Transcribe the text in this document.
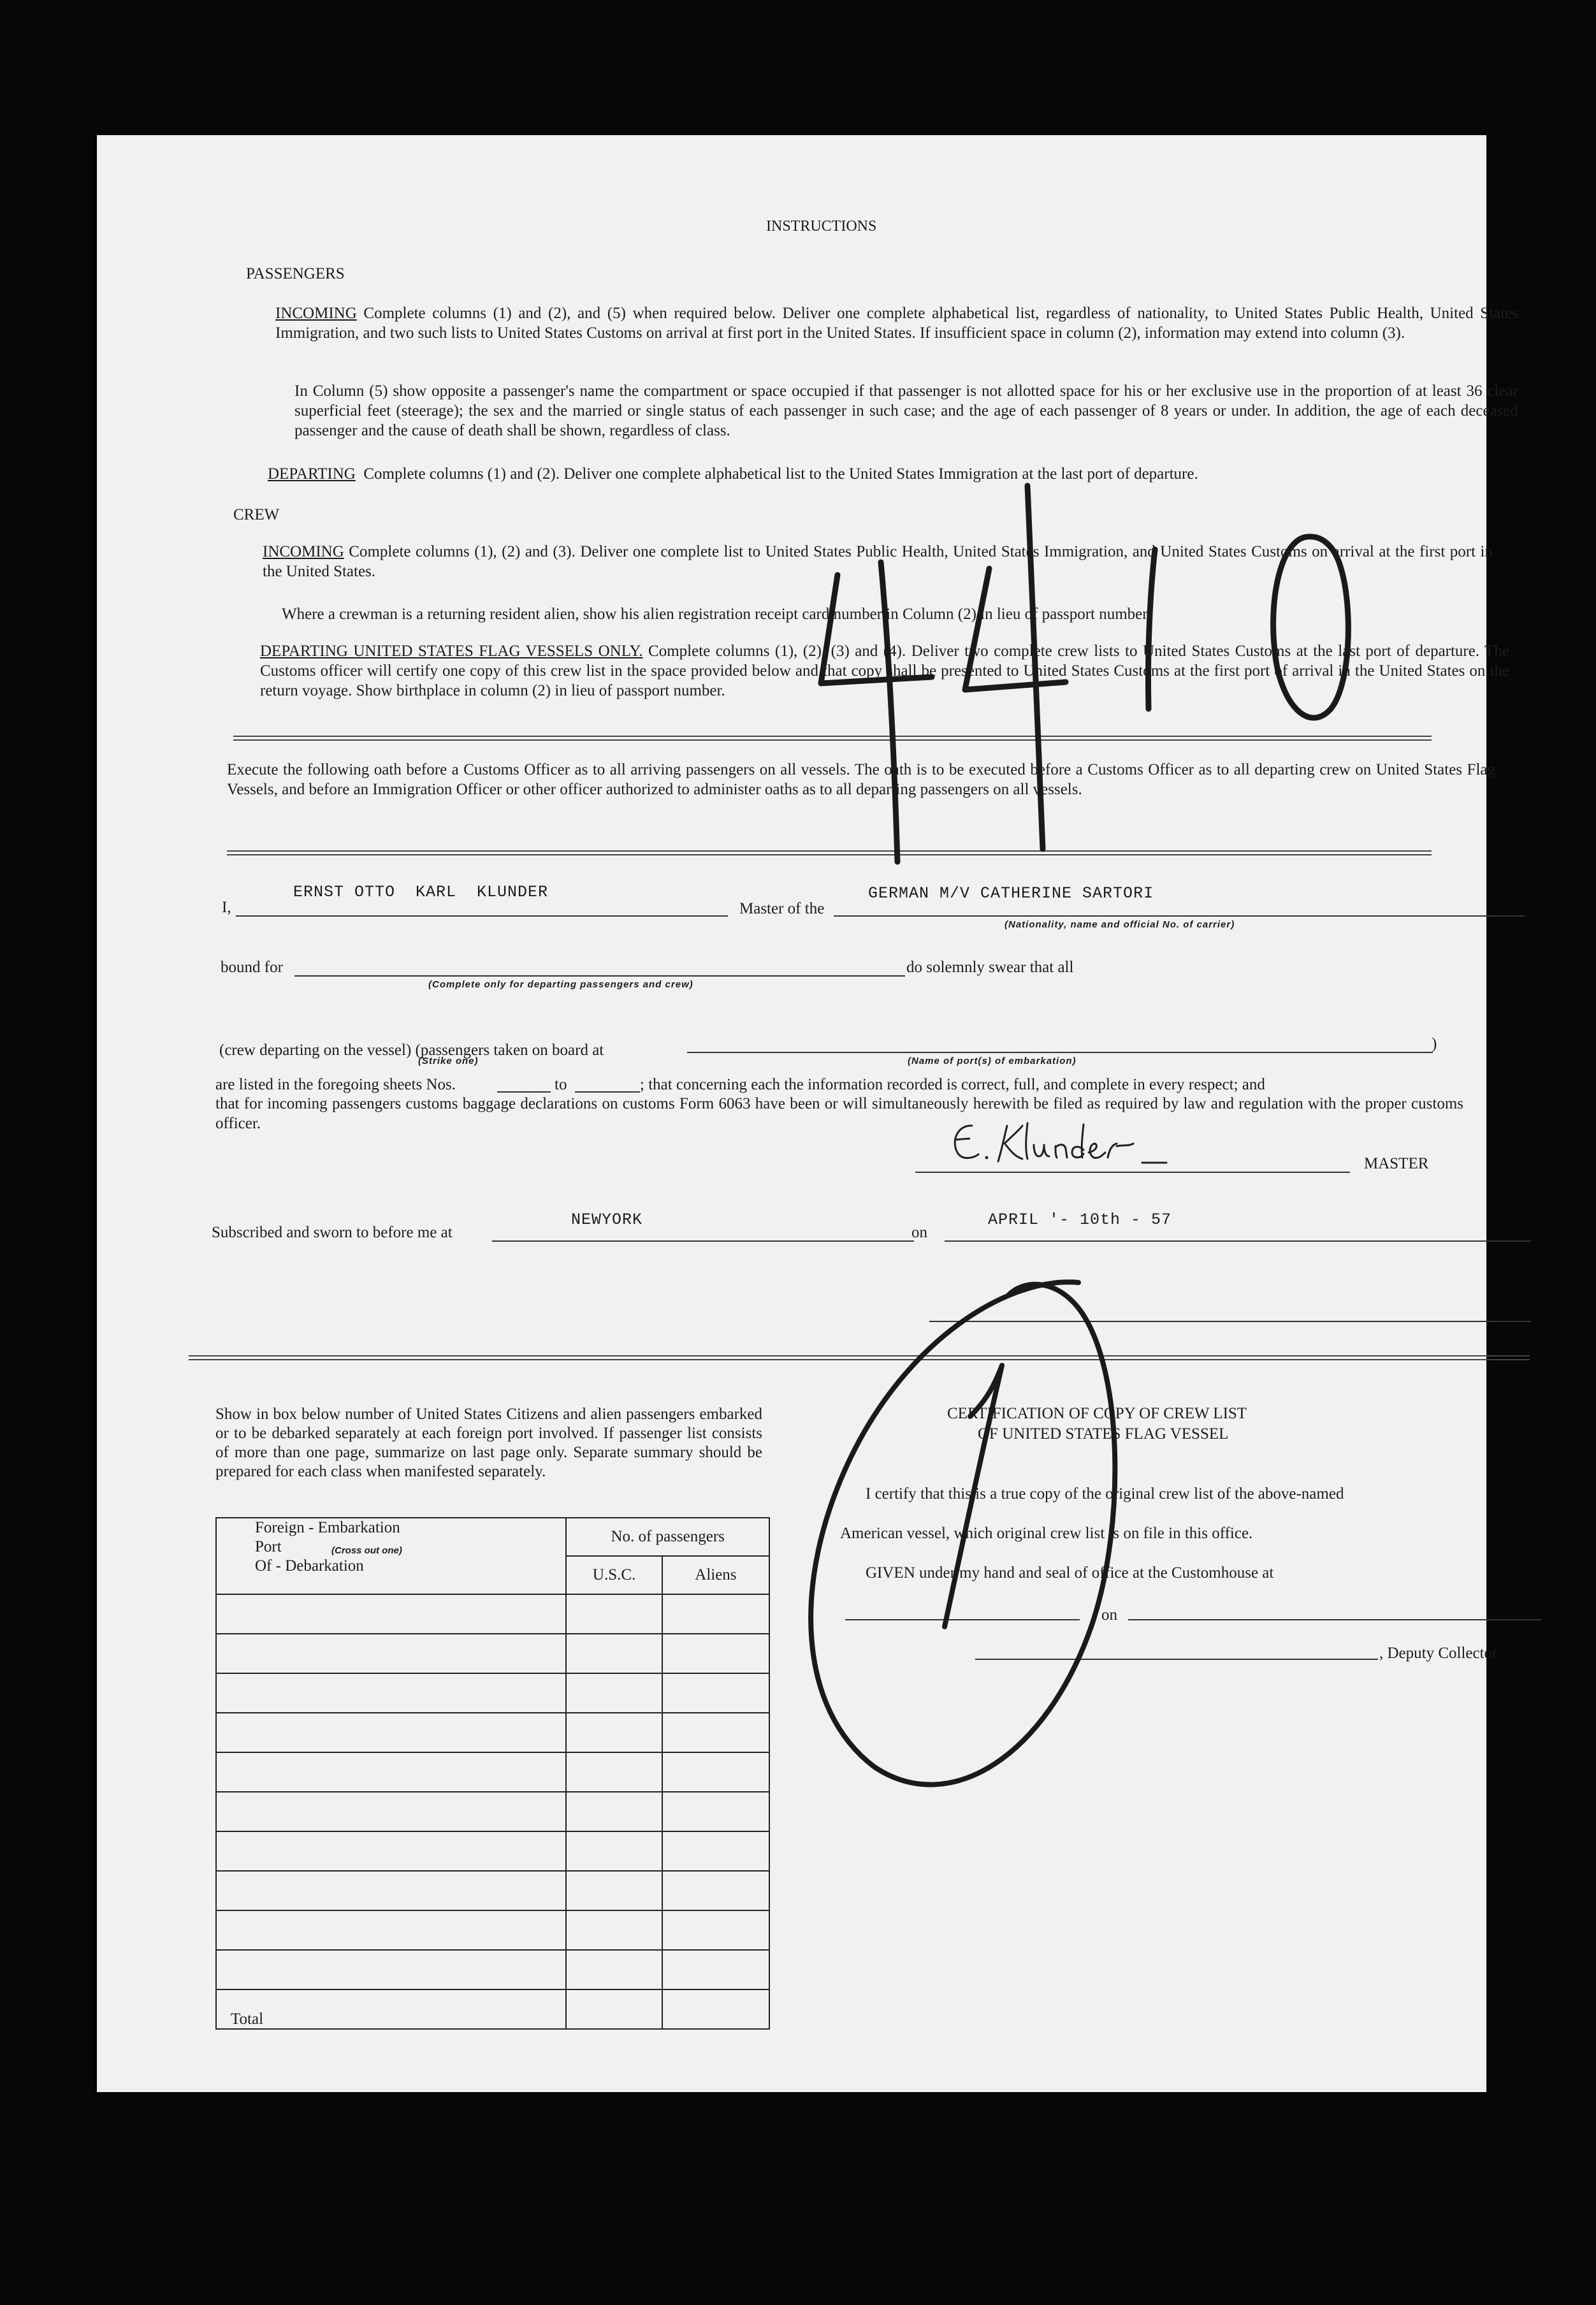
INSTRUCTIONS
PASSENGERS
INCOMING Complete columns (1) and (2), and (5) when required below. Deliver one complete alphabetical list, regardless of nationality, to United States Public Health, United States Immigration, and two such lists to United States Customs on arrival at first port in the United States. If insufficient space in column (2), information may extend into column (3).
In Column (5) show opposite a passenger's name the compartment or space occupied if that passenger is not allotted space for his or her exclusive use in the proportion of at least 36 clear superficial feet (steerage); the sex and the married or single status of each passenger in such case; and the age of each passenger of 8 years or under. In addition, the age of each deceased passenger and the cause of death shall be shown, regardless of class.
DEPARTING Complete columns (1) and (2). Deliver one complete alphabetical list to the United States Immigration at the last port of departure.
CREW
INCOMING Complete columns (1), (2) and (3). Deliver one complete list to United States Public Health, United States Immigration, and United States Customs on arrival at the first port in the United States.
Where a crewman is a returning resident alien, show his alien registration receipt card number in Column (2) in lieu of passport number.
DEPARTING UNITED STATES FLAG VESSELS ONLY. Complete columns (1), (2), (3) and (4). Deliver two complete crew lists to United States Customs at the last port of departure. The Customs officer will certify one copy of this crew list in the space provided below and that copy shall be presented to United States Customs at the first port of arrival in the United States on the return voyage. Show birthplace in column (2) in lieu of passport number.
Execute the following oath before a Customs Officer as to all arriving passengers on all vessels. The oath is to be executed before a Customs Officer as to all departing crew on United States Flag Vessels, and before an Immigration Officer or other officer authorized to administer oaths as to all departing passengers on all vessels.
I,
ERNST OTTO  KARL  KLUNDER
Master of the
GERMAN M/V CATHERINE SARTORI
(Nationality, name and official No. of carrier)
bound for
(Complete only for departing passengers and crew)
do solemnly swear that all
(crew departing on the vessel) (passengers taken on board at
(Strike one)
)
(Name of port(s) of embarkation)
are listed in the foregoing sheets Nos.	to	; that concerning each the information recorded is correct, full, and complete in every respect; and
that for incoming passengers customs baggage declarations on customs Form 6063 have been or will simultaneously herewith be filed as required by law and regulation with the proper customs officer.
MASTER
Subscribed and sworn to before me at
NEWYORK
on
APRIL '- 10th - 57
Show in box below number of United States Citizens and alien passengers embarked or to be debarked separately at each foreign port involved. If passenger list consists of more than one page, summarize on last page only. Separate summary should be prepared for each class when manifested separately.
Foreign - Embarkation
Port (Cross out one)
Of - Debarkation	No. of passengers	
	U.S.C.	Aliens

Total		
CERTIFICATION OF COPY OF CREW LIST
OF UNITED STATES FLAG VESSEL
I certify that this is a true copy of the original crew list of the above-named
American vessel, which original crew list is on file in this office.
GIVEN under my hand and seal of office at the Customhouse at
on
, Deputy Collector
